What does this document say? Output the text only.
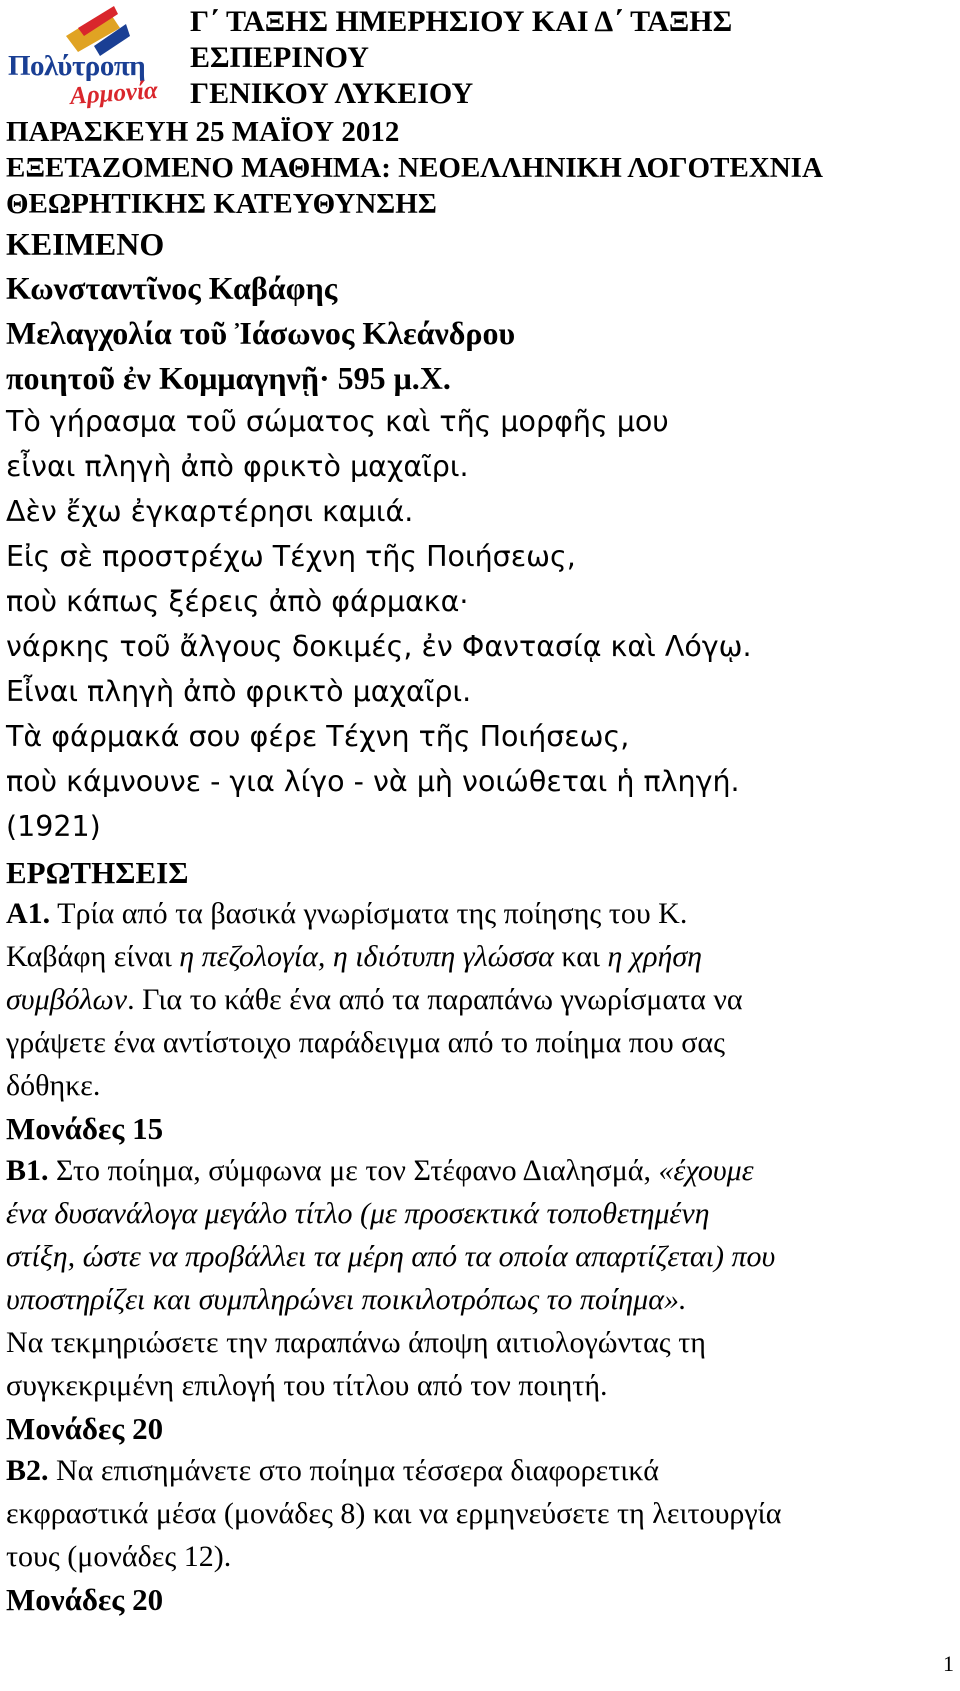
Πολύτροπη
Αρμονία
Γ΄ ΤΑΞΗΣ ΗΜΕΡΗΣΙΟΥ ΚΑΙ Δ΄ ΤΑΞΗΣ
ΕΣΠΕΡΙΝΟΥ
ΓΕΝΙΚΟΥ ΛΥΚΕΙΟΥ
ΠΑΡΑΣΚΕΥΗ 25 ΜΑΪΟΥ 2012
ΕΞΕΤΑΖΟΜΕΝΟ ΜΑΘΗΜΑ: ΝΕΟΕΛΛΗΝΙΚΗ ΛΟΓΟΤΕΧΝΙΑ
ΘΕΩΡΗΤΙΚΗΣ ΚΑΤΕΥΘΥΝΣΗΣ
ΚΕΙΜΕΝΟ
Κωνσταντῖνος Καβάφης
Μελαγχολία τοῦ Ἰάσωνος Κλεάνδρου
ποιητοῦ ἐν Κομμαγηνῇ· 595 μ.Χ.
Τὸ γήρασμα τοῦ σώματος καὶ τῆς μορφῆς μου
εἶναι πληγὴ ἀπὸ φρικτὸ μαχαῖρι.
Δὲν ἔχω ἐγκαρτέρησι καμιά.
Εἰς σὲ προστρέχω Τέχνη τῆς Ποιήσεως,
ποὺ κάπως ξέρεις ἀπὸ φάρμακα·
νάρκης τοῦ ἄλγους δοκιμές, ἐν Φαντασίᾳ καὶ Λόγῳ.
Εἶναι πληγὴ ἀπὸ φρικτὸ μαχαῖρι.
Τὰ φάρμακά σου φέρε Τέχνη τῆς Ποιήσεως,
ποὺ κάμνουνε - για λίγο - νὰ μὴ νοιώθεται ἡ πληγή.
(1921)
ΕΡΩΤΗΣΕΙΣ
Α1. Τρία από τα βασικά γνωρίσματα της ποίησης του Κ.
Καβάφη είναι η πεζολογία, η ιδιότυπη γλώσσα και η χρήση
συμβόλων. Για το κάθε ένα από τα παραπάνω γνωρίσματα να
γράψετε ένα αντίστοιχο παράδειγμα από το ποίημα που σας
δόθηκε.
Μονάδες 15
Β1. Στο ποίημα, σύμφωνα με τον Στέφανο Διαλησμά, «έχουμε
ένα δυσανάλογα μεγάλο τίτλο (με προσεκτικά τοποθετημένη
στίξη, ώστε να προβάλλει τα μέρη από τα οποία απαρτίζεται) που
υποστηρίζει και συμπληρώνει ποικιλοτρόπως το ποίημα».
Να τεκμηριώσετε την παραπάνω άποψη αιτιολογώντας τη
συγκεκριμένη επιλογή του τίτλου από τον ποιητή.
Μονάδες 20
Β2. Να επισημάνετε στο ποίημα τέσσερα διαφορετικά
εκφραστικά μέσα (μονάδες 8) και να ερμηνεύσετε τη λειτουργία
τους (μονάδες 12).
Μονάδες 20
1
